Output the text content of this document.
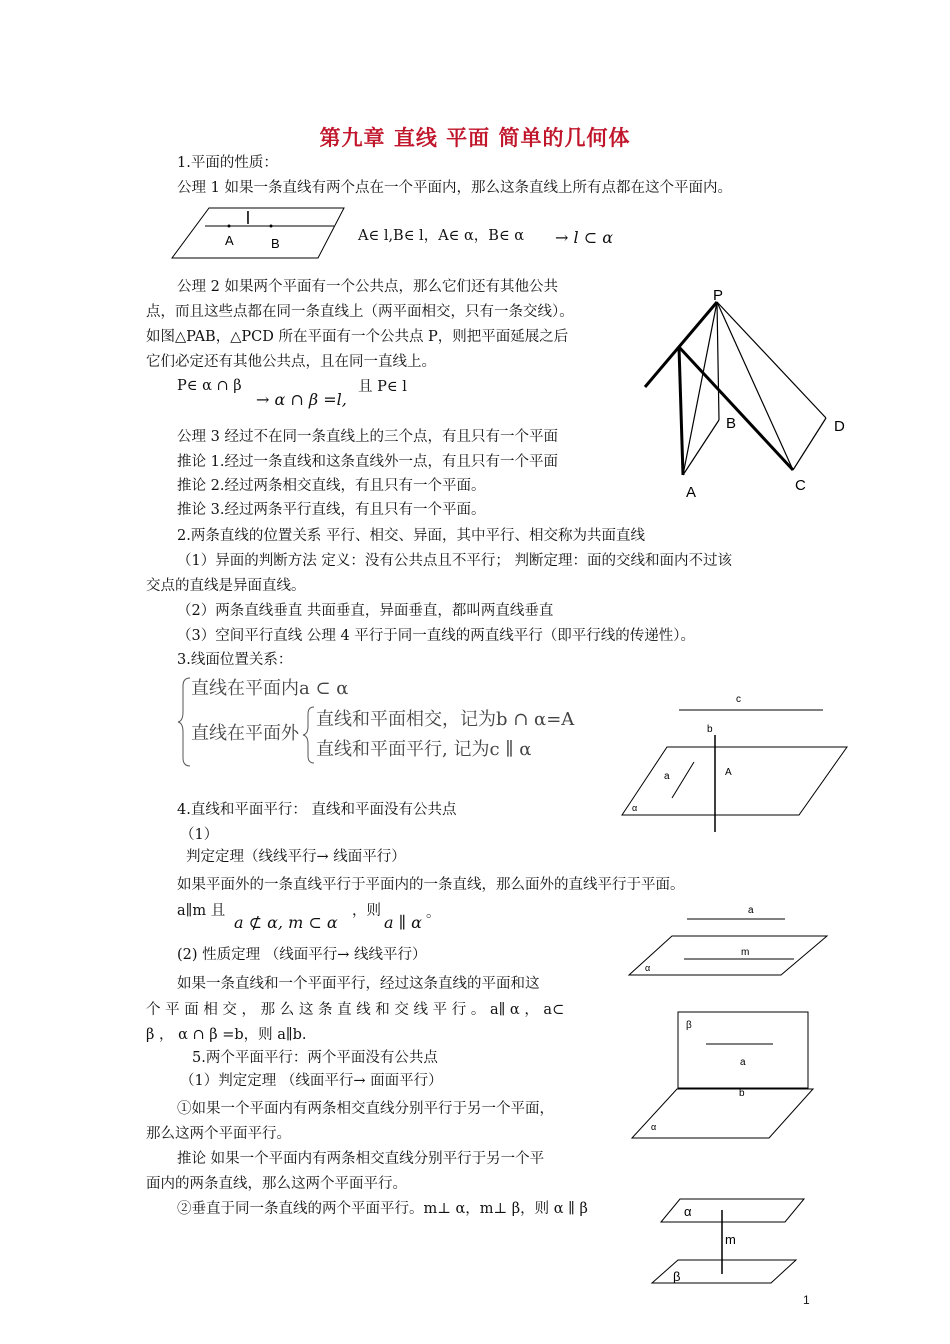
第九章 直线 平面 简单的几何体
1.平面的性质：
公理 1 如果一条直线有两个点在一个平面内，那么这条直线上所有点都在这个平面内。
A∈ l,B∈ l，A∈ α，B∈ α → l ⊂ α
公理 2 如果两个平面有一个公共点，那么它们还有其他公共
点，而且这些点都在同一条直线上（两平面相交，只有一条交线）。
如图△PAB，△PCD 所在平面有一个公共点 P，则把平面延展之后
它们必定还有其他公共点，且在同一直线上。
P∈ α ∩ β
→ α ∩ β =l,
且 P∈ l
公理 3 经过不在同一条直线上的三个点，有且只有一个平面
推论 1.经过一条直线和这条直线外一点，有且只有一个平面
推论 2.经过两条相交直线，有且只有一个平面。
推论 3.经过两条平行直线，有且只有一个平面。
2.两条直线的位置关系 平行、相交、异面，其中平行、相交称为共面直线
（1）异面的判断方法 定义：没有公共点且不平行； 判断定理：面的交线和面内不过该
交点的直线是异面直线。
（2）两条直线垂直 共面垂直，异面垂直，都叫两直线垂直
（3）空间平行直线 公理 4 平行于同一直线的两直线平行（即平行线的传递性）。
3.线面位置关系：
直线在平面内a ⊂ α
直线在平面外
直线和平面相交，记为b ∩ α=A
直线和平面平行, 记为c ∥ α
4.直线和平面平行： 直线和平面没有公共点
（1）
判定定理（线线平行→ 线面平行）
如果平面外的一条直线平行于平面内的一条直线，那么面外的直线平行于平面。
a∥m 且
a ⊄ α, m ⊂ α
，则
a ∥ α 。
(2) 性质定理 （线面平行→ 线线平行）
如果一条直线和一个平面平行，经过这条直线的平面和这
个 平 面 相 交 ， 那 么 这 条 直 线 和 交 线 平 行 。 a∥ α ， a⊂
β ， α ∩ β =b，则 a∥b.
5.两个平面平行：两个平面没有公共点
（1）判定定理 （线面平行→ 面面平行）
①如果一个平面内有两条相交直线分别平行于另一个平面，
那么这两个平面平行。
推论 如果一个平面内有两条相交直线分别平行于另一个平
面内的两条直线，那么这两个平面平行。
②垂直于同一条直线的两个平面平行。m⊥ α，m⊥ β，则 α ∥ β
1
l
A	B
P
B	D
A	C
c
b
a	A
α
a
m
α
β
a
b
α
α
m
β
